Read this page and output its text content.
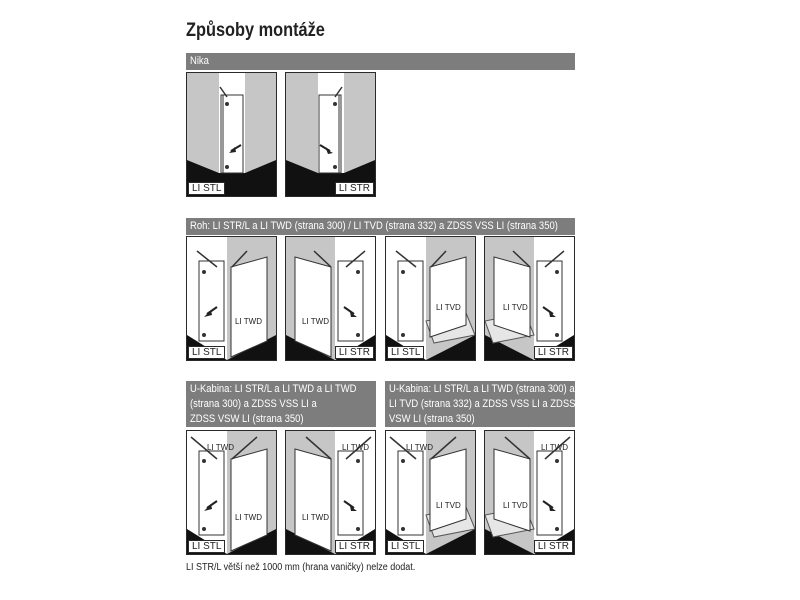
Způsoby montáže
Nika
LI STL	LI STR
Roh: LI STR/L a LI TWD (strana 300) / LI TVD (strana 332) a ZDSS VSS LI (strana 350)
LI TWD
LI STL
LI TWD
LI STR
LI TVD
LI STL
LI TVD
LI STR
U-Kabina: LI STR/L a LI TWD a LI TWD
(strana 300) a ZDSS VSS LI a
ZDSS VSW LI (strana 350)
LI TWD
LI TWD
LI STL
LI TWD
LI TWD
LI STR
U-Kabina: LI STR/L a LI TWD (strana 300) a
LI TVD (strana 332) a ZDSS VSS LI a ZDSS
VSW LI (strana 350)
LI TWD
LI TVD
LI STL
LI TWD
LI TVD
LI STR
LI STR/L větší než 1000 mm (hrana vaničky) nelze dodat.
